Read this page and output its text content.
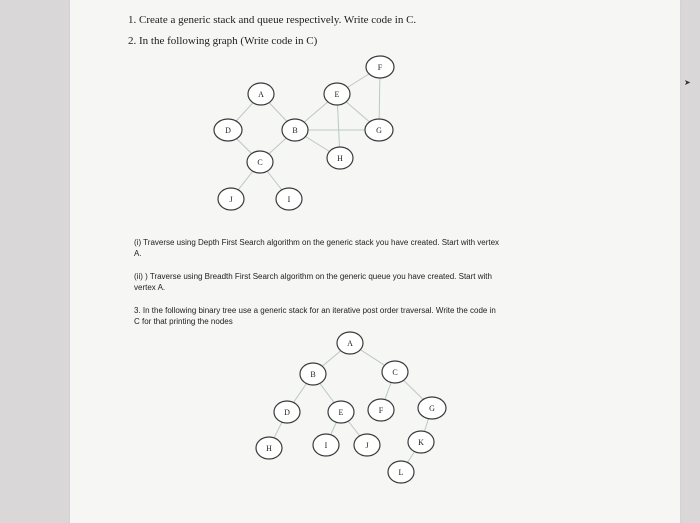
1. Create a generic stack and queue respectively. Write code in C.
2. In the following graph (Write code in C)
A
B
C
D
E
F
G
H
I
J
A
B	C
D	E	F	G
H	I	J	K
L
(i) Traverse using Depth First Search algorithm on the generic stack you have created. Start with vertex
A.
(ii) ) Traverse using Breadth First Search algorithm on the generic queue you have created. Start with
vertex A.
3. In the following binary tree use a generic stack for an iterative post order traversal. Write the code in
C for that printing the nodes
➤
